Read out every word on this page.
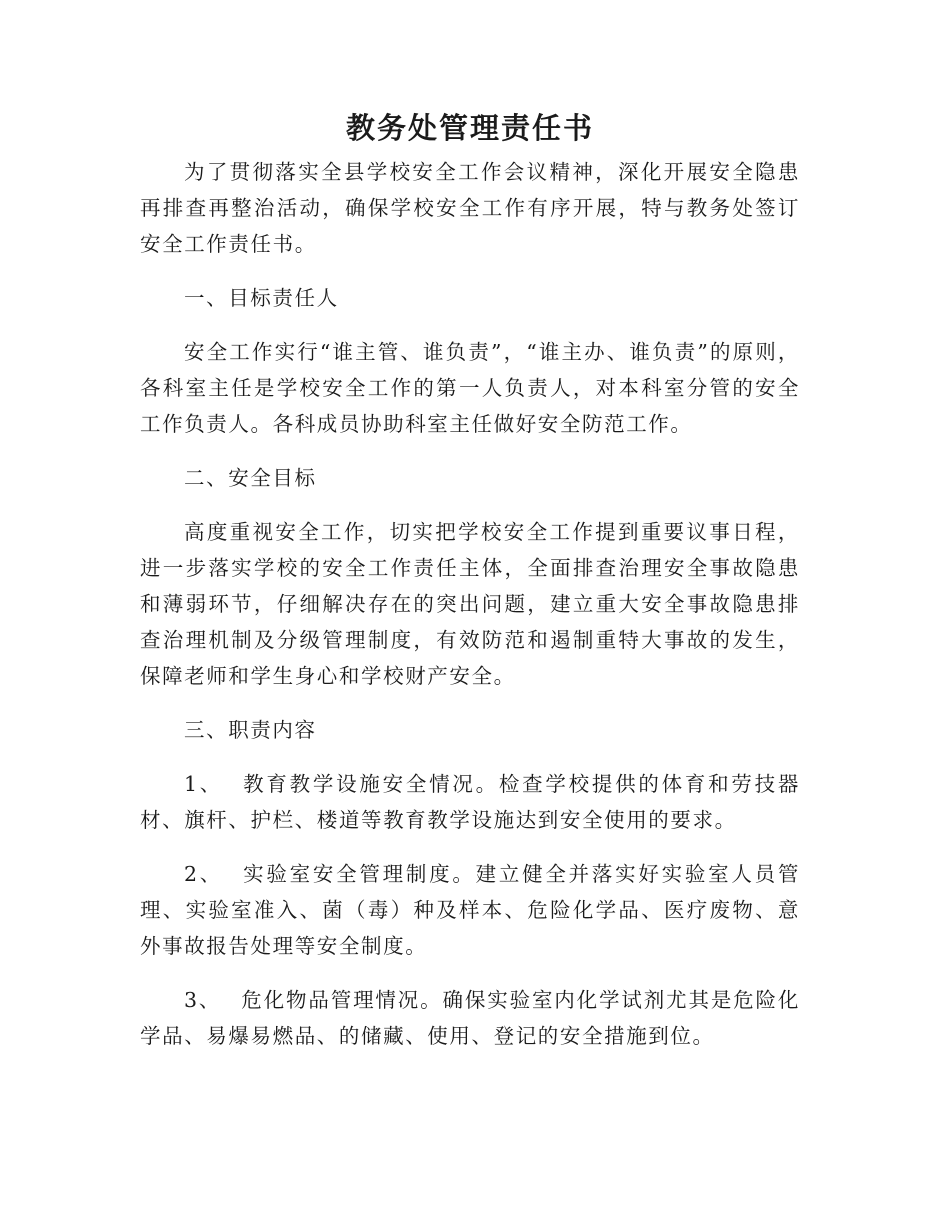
教务处管理责任书

为了贯彻落实全县学校安全工作会议精神，深化开展安全隐患再排查再整治活动，确保学校安全工作有序开展，特与教务处签订安全工作责任书。

一、目标责任人

安全工作实行“谁主管、谁负责”，“谁主办、谁负责”的原则，各科室主任是学校安全工作的第一人负责人，对本科室分管的安全工作负责人。各科成员协助科室主任做好安全防范工作。

二、安全目标

高度重视安全工作，切实把学校安全工作提到重要议事日程，进一步落实学校的安全工作责任主体，全面排查治理安全事故隐患和薄弱环节，仔细解决存在的突出问题，建立重大安全事故隐患排查治理机制及分级管理制度，有效防范和遏制重特大事故的发生，保障老师和学生身心和学校财产安全。

三、职责内容

1、 教育教学设施安全情况。检查学校提供的体育和劳技器材、旗杆、护栏、楼道等教育教学设施达到安全使用的要求。

2、 实验室安全管理制度。建立健全并落实好实验室人员管理、实验室准入、菌（毒）种及样本、危险化学品、医疗废物、意外事故报告处理等安全制度。

3、 危化物品管理情况。确保实验室内化学试剂尤其是危险化学品、易爆易燃品、的储藏、使用、登记的安全措施到位。
